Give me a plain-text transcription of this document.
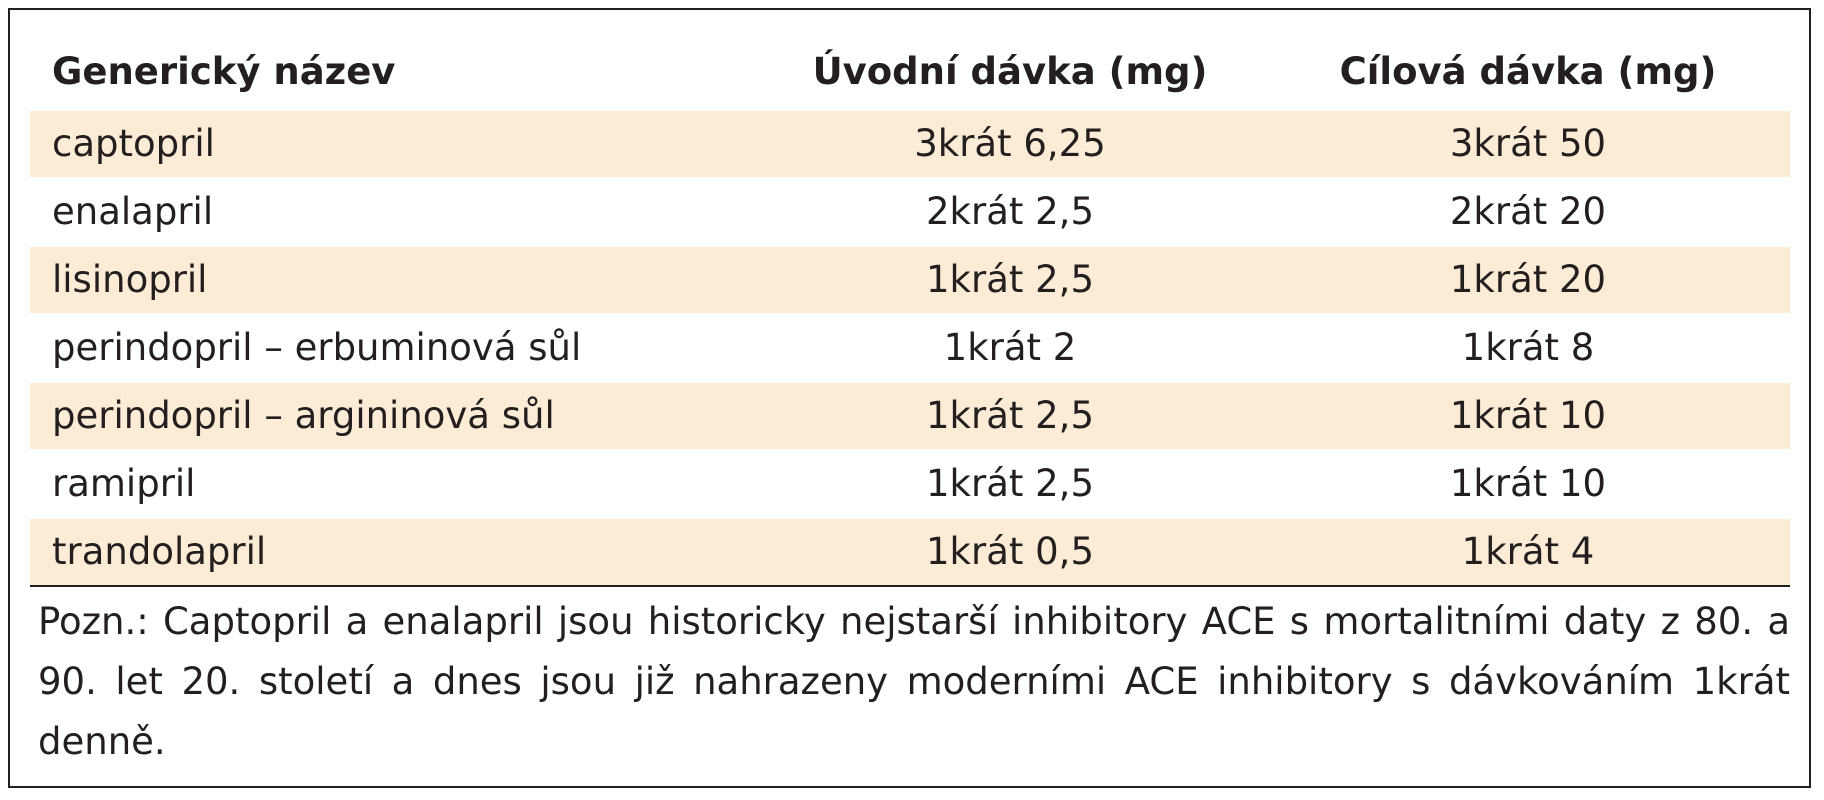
Generický název	Úvodní dávka (mg)	Cílová dávka (mg)
captopril	3krát 6,25	3krát 50
enalapril	2krát 2,5	2krát 20
lisinopril	1krát 2,5	1krát 20
perindopril – erbuminová sůl	1krát 2	1krát 8
perindopril – argininová sůl	1krát 2,5	1krát 10
ramipril	1krát 2,5	1krát 10
trandolapril	1krát 0,5	1krát 4
Pozn.: Captopril a enalapril jsou historicky nejstarší inhibitory ACE s mortalitními daty z 80. a 90. let 20. století a dnes jsou již nahrazeny moderními ACE inhibitory s dávkováním 1krát denně.
